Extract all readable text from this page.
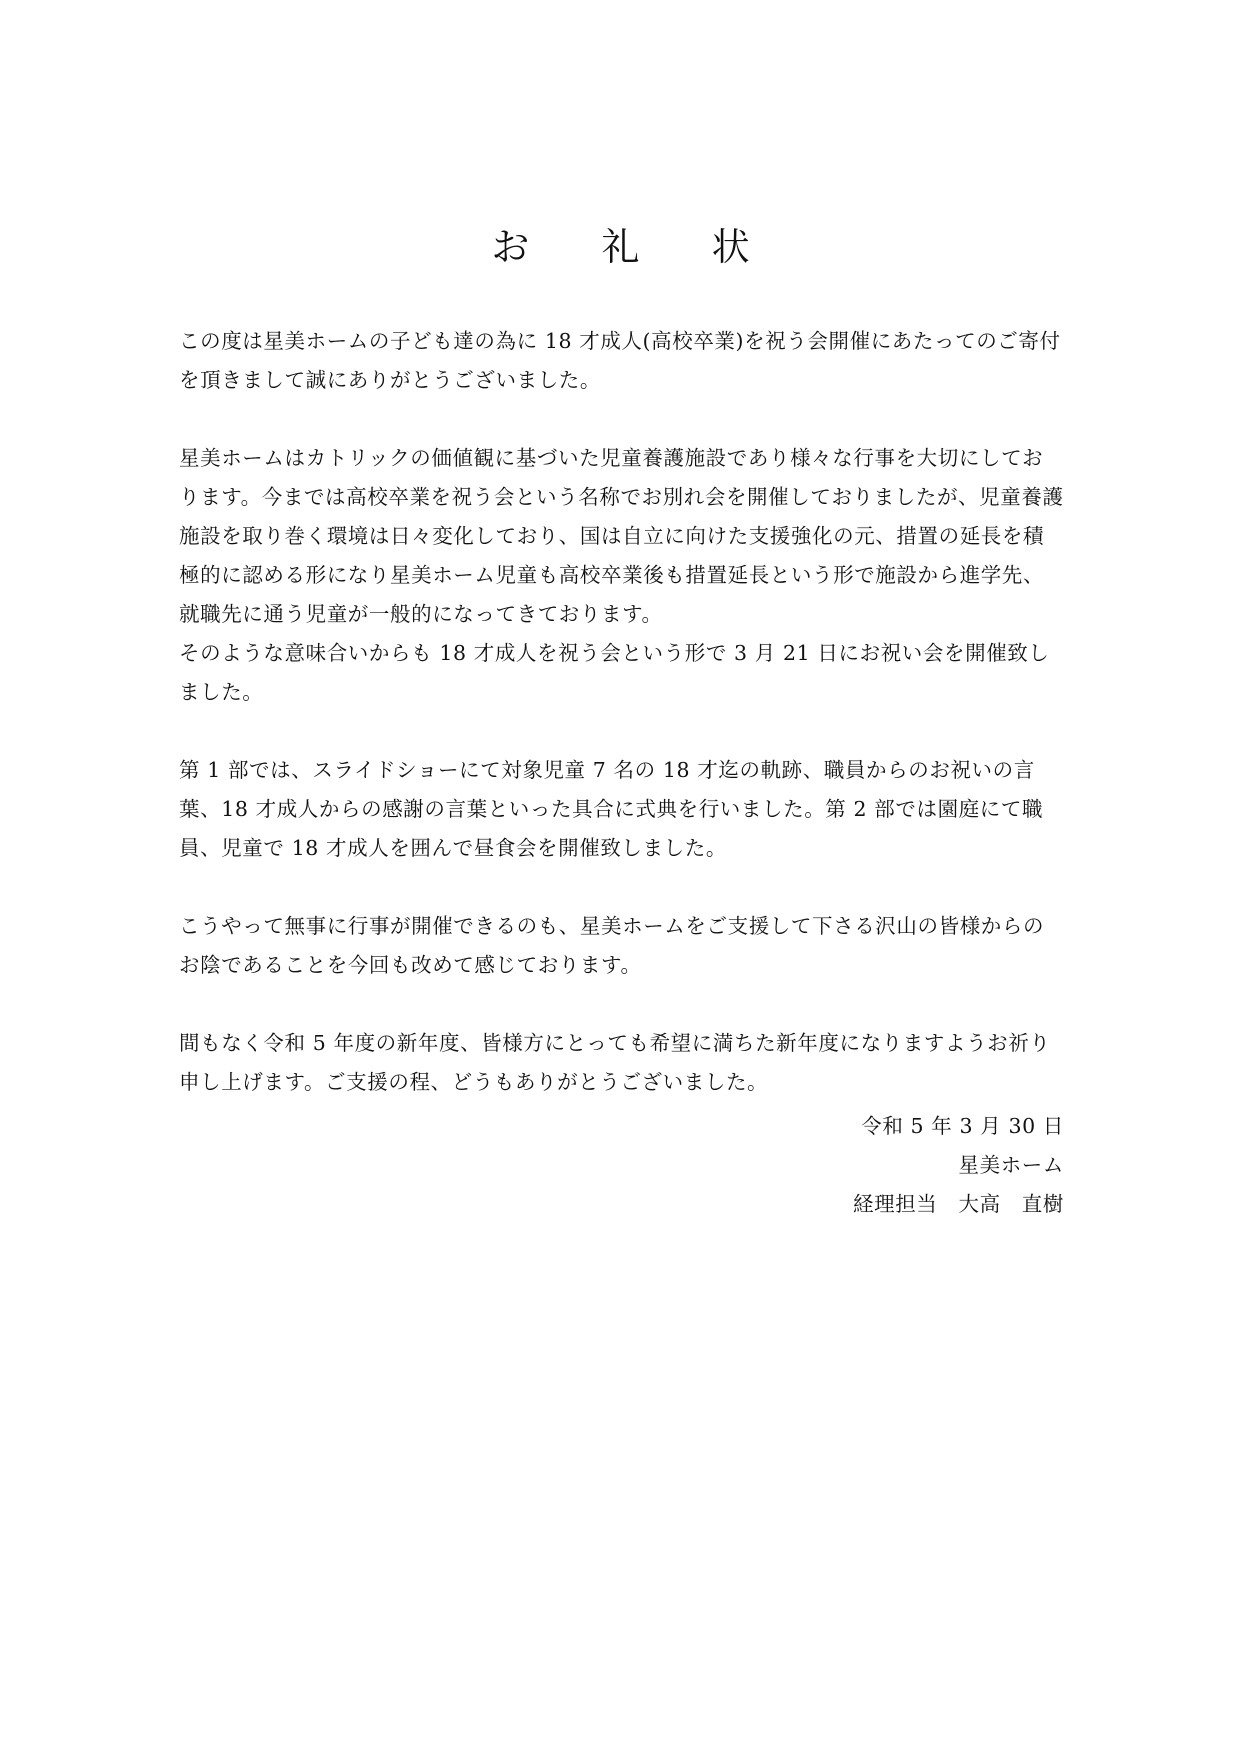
お 礼 状

この度は星美ホームの子ども達の為に 18 才成人(高校卒業)を祝う会開催にあたってのご寄付を頂きまして誠にありがとうございました。

星美ホームはカトリックの価値観に基づいた児童養護施設であり様々な行事を大切にしております。今までは高校卒業を祝う会という名称でお別れ会を開催しておりましたが、児童養護施設を取り巻く環境は日々変化しており、国は自立に向けた支援強化の元、措置の延長を積極的に認める形になり星美ホーム児童も高校卒業後も措置延長という形で施設から進学先、就職先に通う児童が一般的になってきております。

そのような意味合いからも 18 才成人を祝う会という形で 3 月 21 日にお祝い会を開催致しました。

第 1 部では、スライドショーにて対象児童 7 名の 18 才迄の軌跡、職員からのお祝いの言葉、18 才成人からの感謝の言葉といった具合に式典を行いました。第 2 部では園庭にて職員、児童で 18 才成人を囲んで昼食会を開催致しました。

こうやって無事に行事が開催できるのも、星美ホームをご支援して下さる沢山の皆様からのお陰であることを今回も改めて感じております。

間もなく令和 5 年度の新年度、皆様方にとっても希望に満ちた新年度になりますようお祈り申し上げます。ご支援の程、どうもありがとうございました。

令和 5 年 3 月 30 日
星美ホーム
経理担当　大高　直樹
